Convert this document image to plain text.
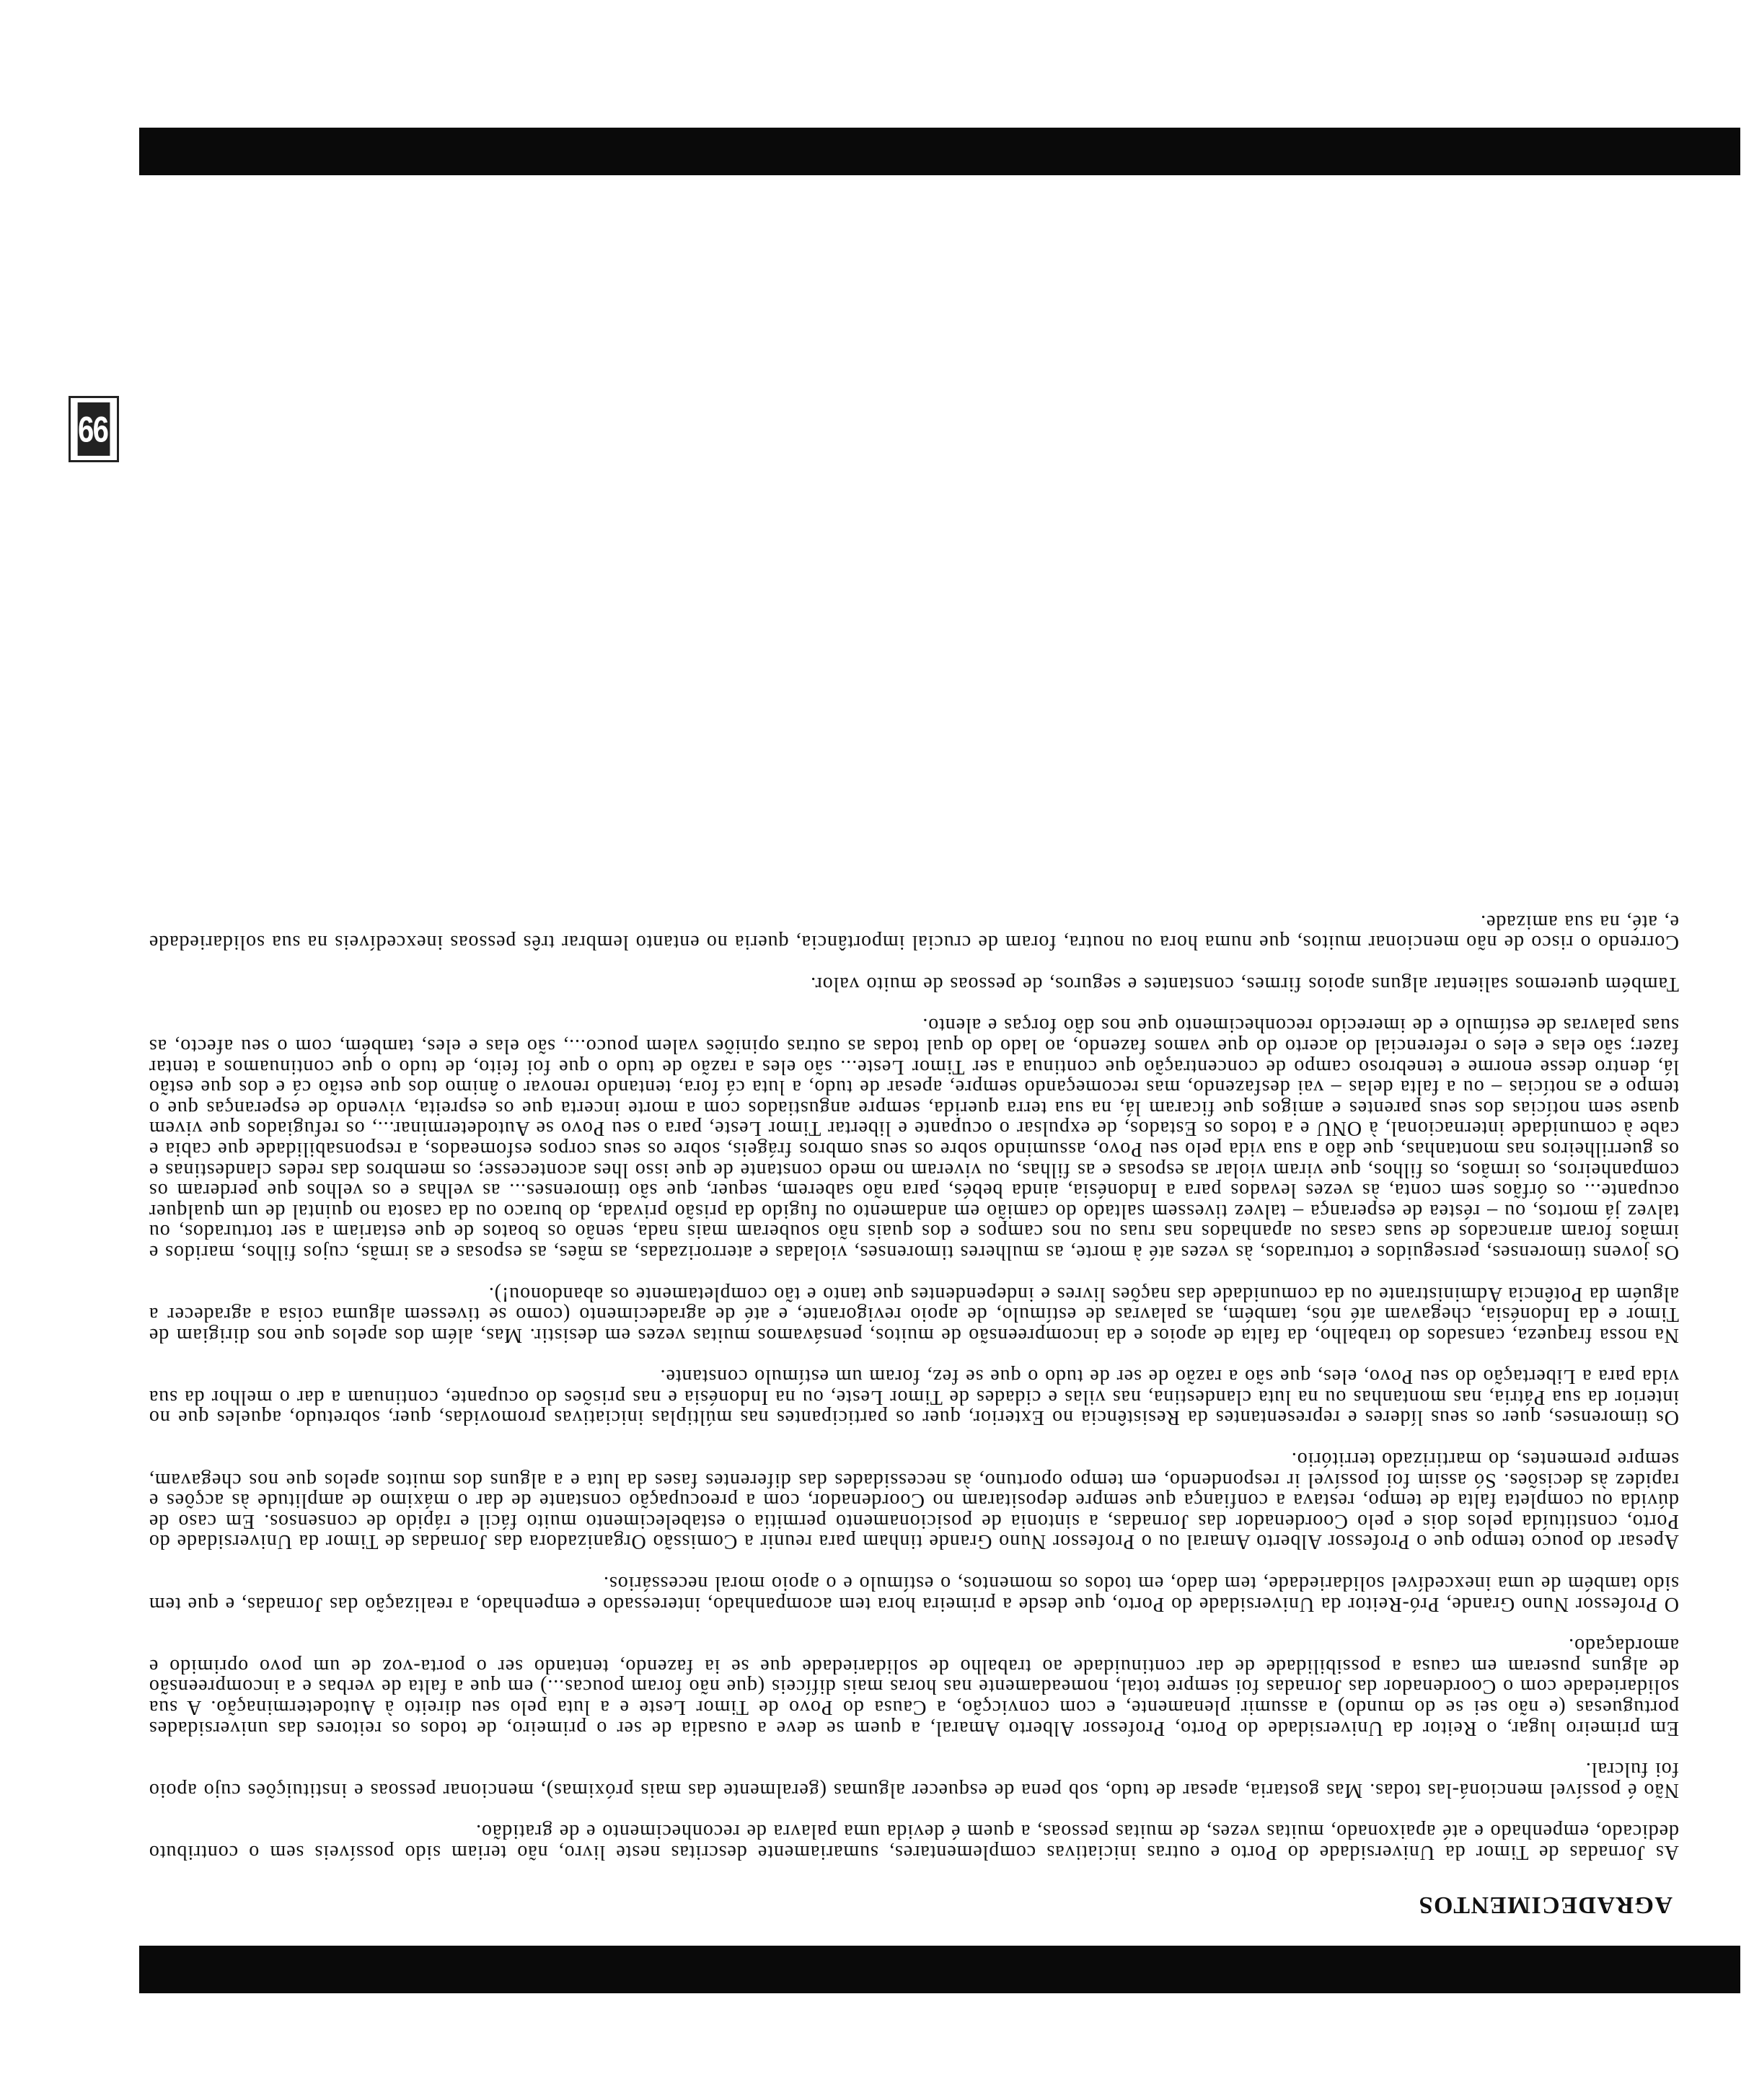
AGRADECIMENTOS

As Jornadas de Timor da Universidade do Porto e outras iniciativas complementares, sumariamente descritas neste livro, não teriam sido possíveis sem o contributo dedicado, empenhado e até apaixonado, muitas vezes, de muitas pessoas, a quem é devida uma palavra de reconhecimento e de gratidão.

Não é possível mencioná-las todas. Mas gostaria, apesar de tudo, sob pena de esquecer algumas (geralmente das mais próximas), mencionar pessoas e instituições cujo apoio foi fulcral.

Em primeiro lugar, o Reitor da Universidade do Porto, Professor Alberto Amaral, a quem se deve a ousadia de ser o primeiro, de todos os reitores das universidades portuguesas (e não sei se do mundo) a assumir plenamente, e com convicção, a Causa do Povo de Timor Leste e a luta pelo seu direito à Autodeterminação. A sua solidariedade com o Coordenador das Jornadas foi sempre total, nomeadamente nas horas mais difíceis (que não foram poucas...) em que a falta de verbas e a incompreensão de alguns puseram em causa a possibilidade de dar continuidade ao trabalho de solidariedade que se ia fazendo, tentando ser o porta-voz de um povo oprimido e amordaçado.

O Professor Nuno Grande, Pró-Reitor da Universidade do Porto, que desde a primeira hora tem acompanhado, interessado e empenhado, a realização das Jornadas, e que tem sido também de uma inexcedível solidariedade, tem dado, em todos os momentos, o estímulo e o apoio moral necessários.

Apesar do pouco tempo que o Professor Alberto Amaral ou o Professor Nuno Grande tinham para reunir a Comissão Organizadora das Jornadas de Timor da Universidade do Porto, constituída pelos dois e pelo Coordenador das Jornadas, a sintonia de posicionamento permitia o estabelecimento muito fácil e rápido de consensos. Em caso de dúvida ou completa falta de tempo, restava a confiança que sempre depositaram no Coordenador, com a preocupação constante de dar o máximo de amplitude às acções e rapidez às decisões. Só assim foi possível ir respondendo, em tempo oportuno, às necessidades das diferentes fases da luta e a alguns dos muitos apelos que nos chegavam, sempre prementes, do martirizado território.

Os timorenses, quer os seus líderes e representantes da Resistência no Exterior, quer os participantes nas múltiplas iniciativas promovidas, quer, sobretudo, aqueles que no interior da sua Pátria, nas montanhas ou na luta clandestina, nas vilas e cidades de Timor Leste, ou na Indonésia e nas prisões do ocupante, continuam a dar o melhor da sua vida para a Libertação do seu Povo, eles, que são a razão de ser de tudo o que se fez, foram um estímulo constante.

Na nossa fraqueza, cansados do trabalho, da falta de apoios e da incompreensão de muitos, pensávamos muitas vezes em desistir. Mas, além dos apelos que nos dirigiam de Timor e da Indonésia, chegavam até nós, também, as palavras de estímulo, de apoio revigorante, e até de agradecimento (como se tivessem alguma coisa a agradecer a alguém da Potência Administrante ou da comunidade das nações livres e independentes que tanto e tão completamente os abandonou!).

Os jovens timorenses, perseguidos e torturados, às vezes até à morte, as mulheres timorenses, violadas e aterrorizadas, as mães, as esposas e as irmãs, cujos filhos, maridos e irmãos foram arrancados de suas casas ou apanhados nas ruas ou nos campos e dos quais não souberam mais nada, senão os boatos de que estariam a ser torturados, ou talvez já mortos, ou – réstea de esperança – talvez tivessem saltado do camião em andamento ou fugido da prisão privada, do buraco ou da casota no quintal de um qualquer ocupante... os órfãos sem conta, às vezes levados para a Indonésia, ainda bebés, para não saberem, sequer, que são timorenses... as velhas e os velhos que perderam os companheiros, os irmãos, os filhos, que viram violar as esposas e as filhas, ou viveram no medo constante de que isso lhes acontecesse; os membros das redes clandestinas e os guerrilheiros nas montanhas, que dão a sua vida pelo seu Povo, assumindo sobre os seus ombros frágeis, sobre os seus corpos esfomeados, a responsabilidade que cabia e cabe à comunidade internacional, à ONU e a todos os Estados, de expulsar o ocupante e libertar Timor Leste, para o seu Povo se Autodeterminar..., os refugiados que vivem quase sem notícias dos seus parentes e amigos que ficaram lá, na sua terra querida, sempre angustiados com a morte incerta que os espreita, vivendo de esperanças que o tempo e as notícias – ou a falta delas – vai desfazendo, mas recomeçando sempre, apesar de tudo, a luta cá fora, tentando renovar o ânimo dos que estão cá e dos que estão lá, dentro desse enorme e tenebroso campo de concentração que continua a ser Timor Leste... são eles a razão de tudo o que foi feito, de tudo o que continuamos a tentar fazer; são elas e eles o referencial do acerto do que vamos fazendo, ao lado do qual todas as outras opiniões valem pouco..., são elas e eles, também, com o seu afecto, as suas palavras de estímulo e de imerecido reconhecimento que nos dão forças e alento.

Também queremos salientar alguns apoios firmes, constantes e seguros, de pessoas de muito valor.

Correndo o risco de não mencionar muitos, que numa hora ou noutra, foram de crucial importância, queria no entanto lembrar três pessoas inexcedíveis na sua solidariedade e, até, na sua amizade.

99
